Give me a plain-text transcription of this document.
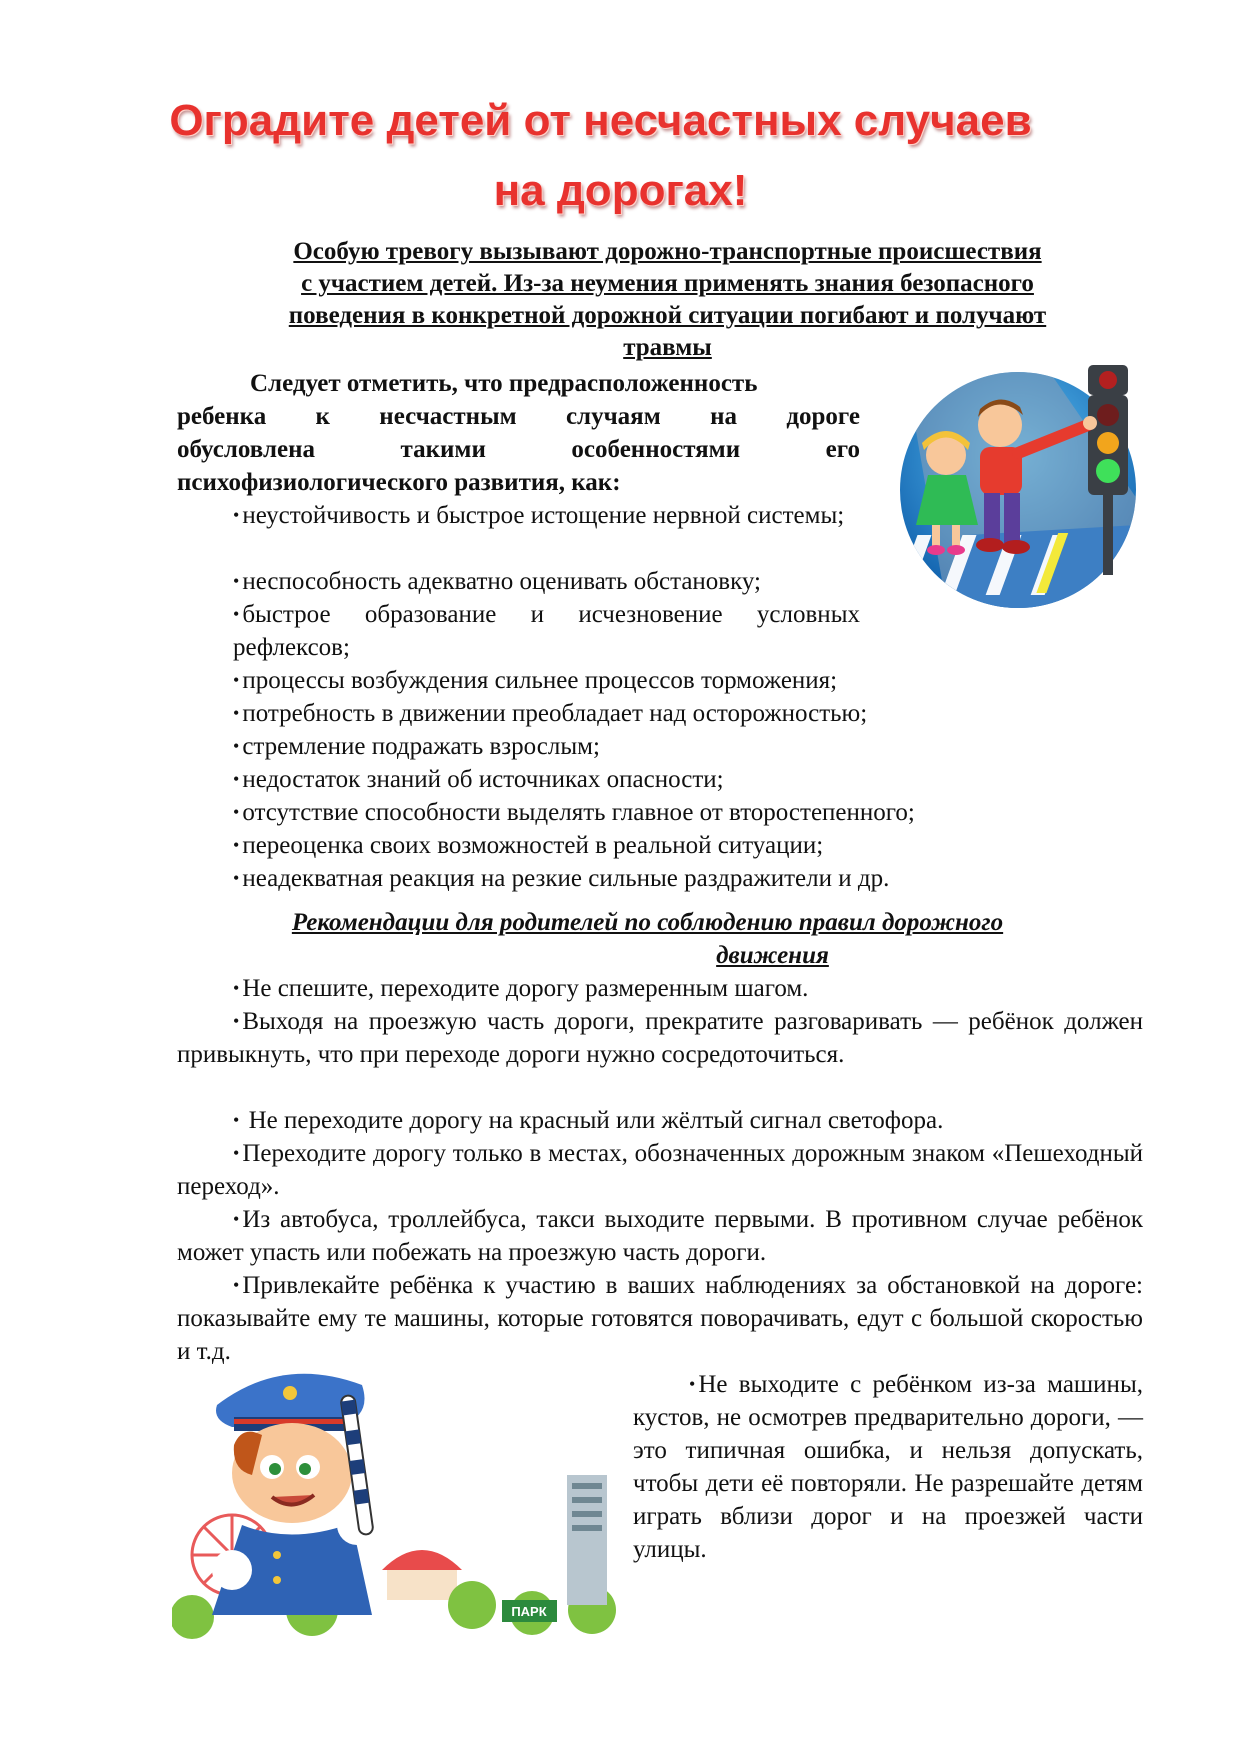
Оградите детей от несчастных случаев
на дорогах!
Особую тревогу вызывают дорожно-транспортные происшествия
с участием детей. Из-за неумения применять знания безопасного
поведения в конкретной дорожной ситуации погибают и получают
травмы
Следует отметить, что предрасположенность
ребенка к несчастным случаям на дороге
обусловлена такими особенностями его
психофизиологического развития, как:
• неустойчивость и быстрое истощение нервной системы;
• неспособность адекватно оценивать обстановку;
• быстрое образование и исчезновение условных рефлексов;
• процессы возбуждения сильнее процессов торможения;
• потребность в движении преобладает над осторожностью;
• стремление подражать взрослым;
• недостаток знаний об источниках опасности;
• отсутствие способности выделять главное от второстепенного;
• переоценка своих возможностей в реальной ситуации;
• неадекватная реакция на резкие сильные раздражители и др.
Рекомендации для родителей по соблюдению правил дорожного
движения
• Не спешите, переходите дорогу размеренным шагом.
• Выходя на проезжую часть дороги, прекратите разговаривать — ребёнок должен привыкнуть, что при переходе дороги нужно сосредоточиться.
• Не переходите дорогу на красный или жёлтый сигнал светофора.
• Переходите дорогу только в местах, обозначенных дорожным знаком «Пешеходный переход».
• Из автобуса, троллейбуса, такси выходите первыми. В противном случае ребёнок может упасть или побежать на проезжую часть дороги.
• Привлекайте ребёнка к участию в ваших наблюдениях за обстановкой на дороге: показывайте ему те машины, которые готовятся поворачивать, едут с большой скоростью и т.д.
• Не выходите с ребёнком из-за машины, кустов, не осмотрев предварительно дороги, — это типичная ошибка, и нельзя допускать, чтобы дети её повторяли. Не разрешайте детям играть вблизи дорог и на проезжей части улицы.
ПАРК
